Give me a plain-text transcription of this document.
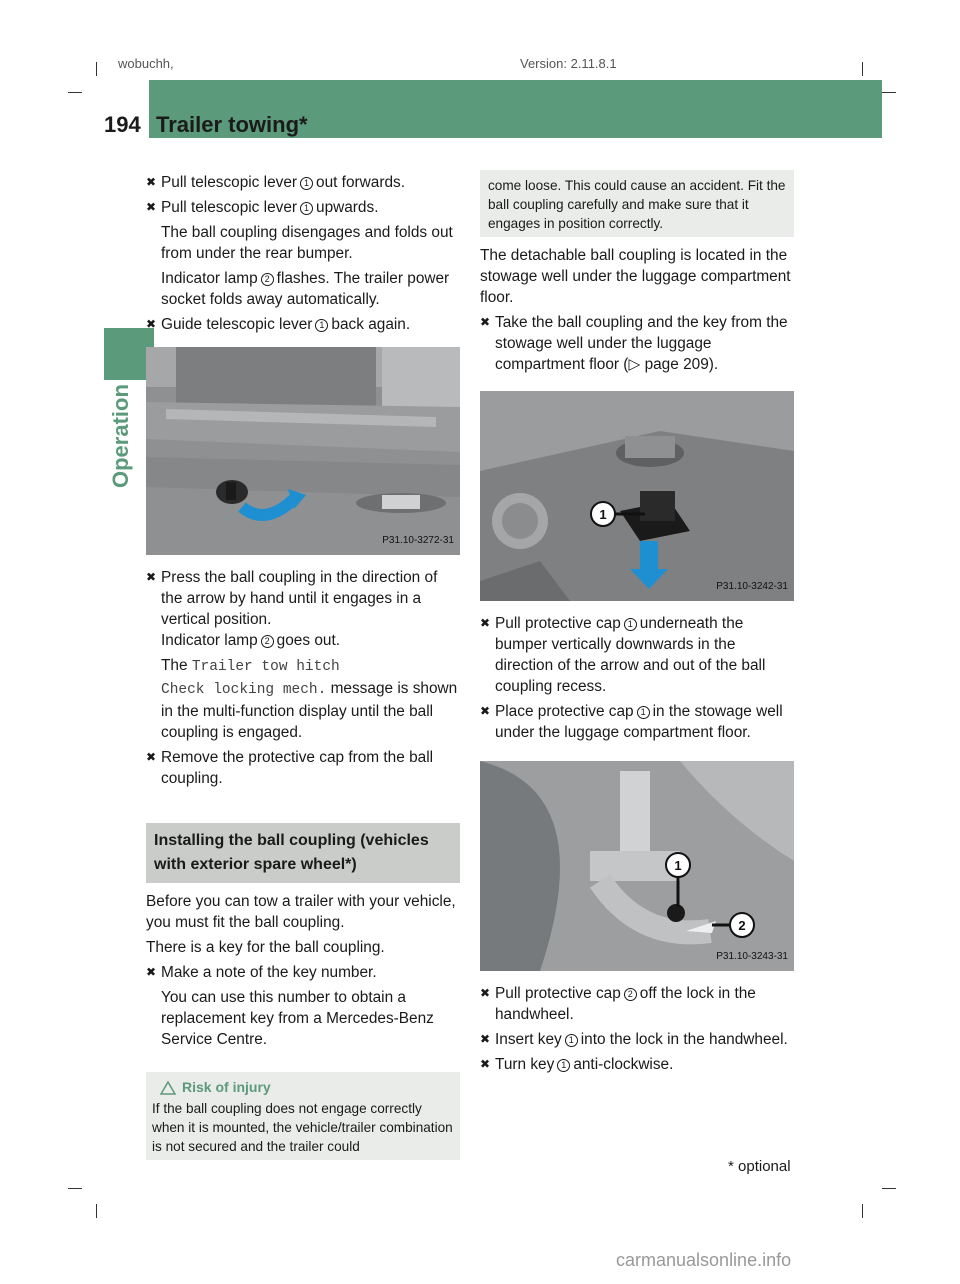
wobuchh,	Version: 2.11.8.1
194 Trailer towing*
Operation
✖ Pull telescopic lever 1 out forwards.
✖ Pull telescopic lever 1 upwards.
The ball coupling disengages and folds out from under the rear bumper.
Indicator lamp 2 flashes. The trailer power socket folds away automatically.
✖ Guide telescopic lever 1 back again.
P31.10-3272-31
✖ Press the ball coupling in the direction of the arrow by hand until it engages in a vertical position.
Indicator lamp 2 goes out.
The Trailer tow hitch
Check locking mech. message is shown in the multi-function display until the ball coupling is engaged.
✖ Remove the protective cap from the ball coupling.
Installing the ball coupling (vehicles with exterior spare wheel*)
Before you can tow a trailer with your vehicle, you must fit the ball coupling.
There is a key for the ball coupling.
✖ Make a note of the key number.
You can use this number to obtain a replacement key from a Mercedes-Benz Service Centre.
Risk of injury
If the ball coupling does not engage correctly when it is mounted, the vehicle/trailer combination is not secured and the trailer could
come loose. This could cause an accident. Fit the ball coupling carefully and make sure that it engages in position correctly.
The detachable ball coupling is located in the stowage well under the luggage compartment floor.
✖ Take the ball coupling and the key from the stowage well under the luggage compartment floor (▷ page 209).
1
P31.10-3242-31
✖ Pull protective cap 1 underneath the bumper vertically downwards in the direction of the arrow and out of the ball coupling recess.
✖ Place protective cap 1 in the stowage well under the luggage compartment floor.
1
2
P31.10-3243-31
✖ Pull protective cap 2 off the lock in the handwheel.
✖ Insert key 1 into the lock in the handwheel.
✖ Turn key 1 anti-clockwise.
* optional
carmanualsonline.info
